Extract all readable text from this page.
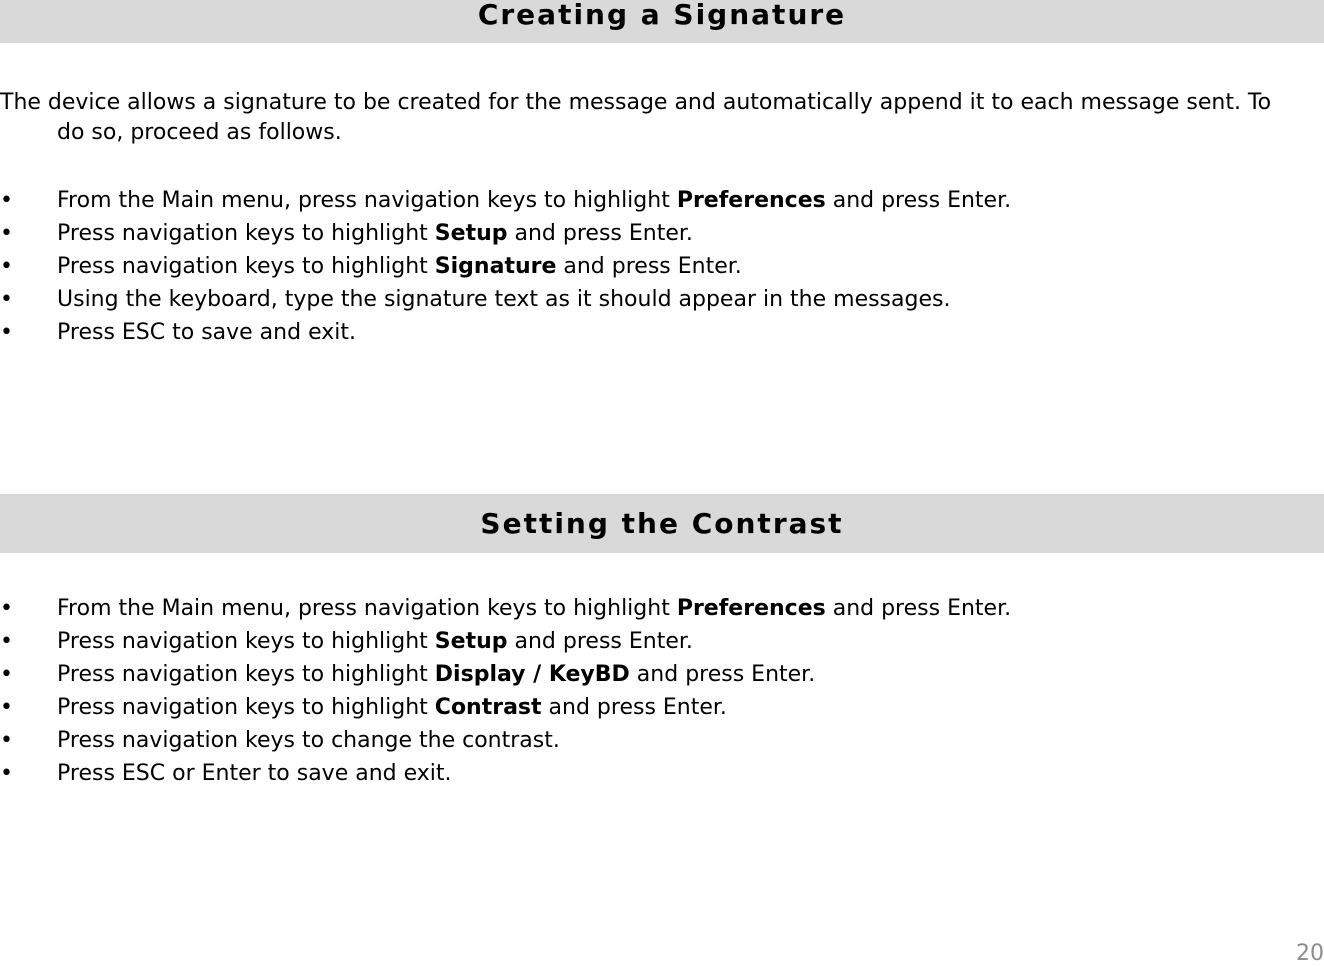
Creating a Signature

The device allows a signature to be created for the message and automatically append it to each message sent. To do so, proceed as follows.

• From the Main menu, press navigation keys to highlight Preferences and press Enter.
• Press navigation keys to highlight Setup and press Enter.
• Press navigation keys to highlight Signature and press Enter.
• Using the keyboard, type the signature text as it should appear in the messages.
• Press ESC to save and exit.
Setting the Contrast
• From the Main menu, press navigation keys to highlight Preferences and press Enter.
• Press navigation keys to highlight Setup and press Enter.
• Press navigation keys to highlight Display / KeyBD and press Enter.
• Press navigation keys to highlight Contrast and press Enter.
• Press navigation keys to change the contrast.
• Press ESC or Enter to save and exit.
20
